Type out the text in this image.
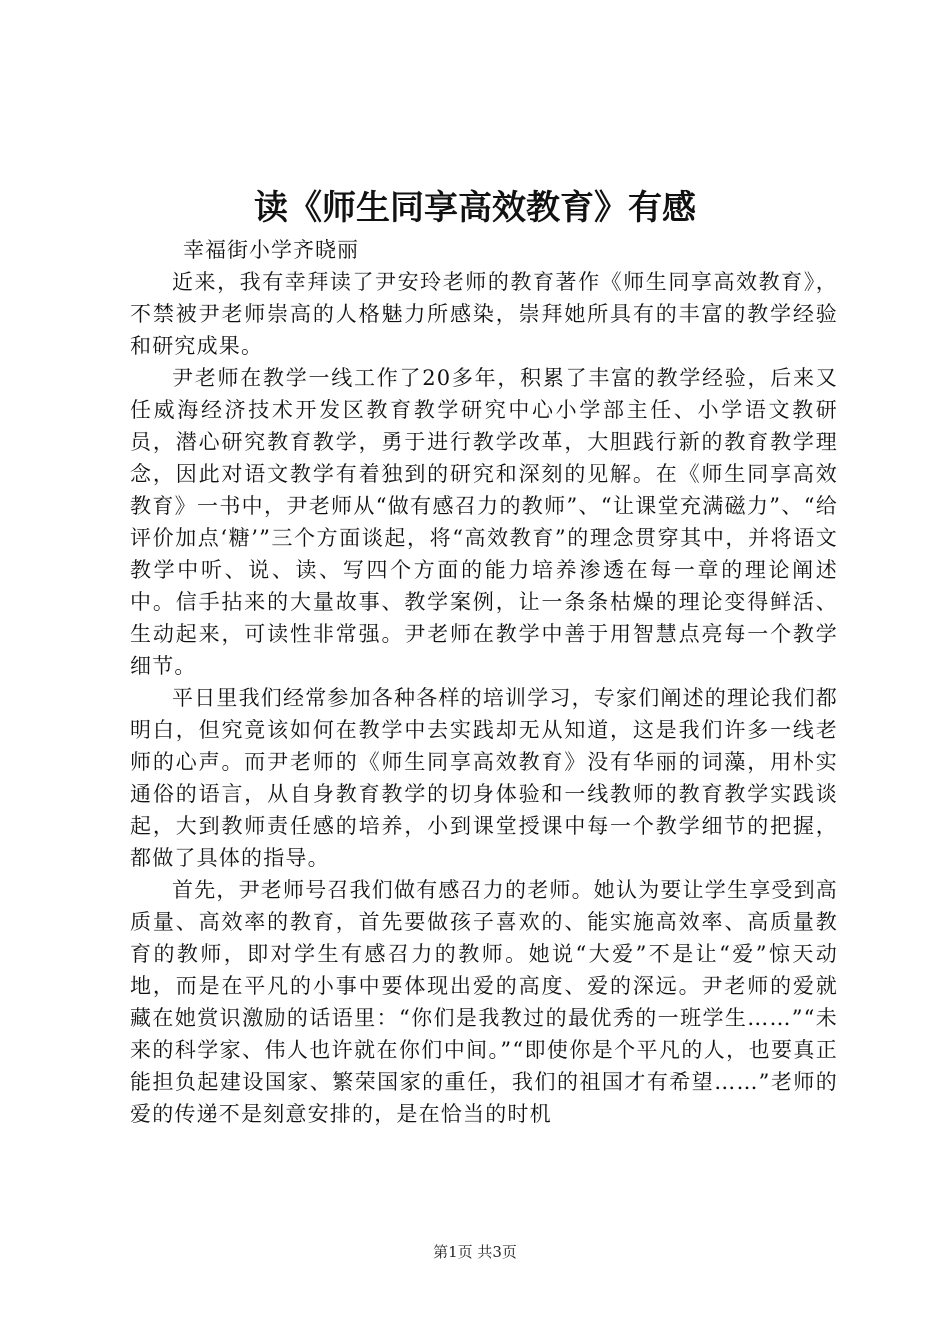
读《师生同享高效教育》有感
幸福街小学齐晓丽

近来，我有幸拜读了尹安玲老师的教育著作《师生同享高效教育》，不禁被尹老师崇高的人格魅力所感染，崇拜她所具有的丰富的教学经验和研究成果。

尹老师在教学一线工作了20多年，积累了丰富的教学经验，后来又任威海经济技术开发区教育教学研究中心小学部主任、小学语文教研员，潜心研究教育教学，勇于进行教学改革，大胆践行新的教育教学理念，因此对语文教学有着独到的研究和深刻的见解。在《师生同享高效教育》一书中，尹老师从“做有感召力的教师”、“让课堂充满磁力”、“给评价加点‘糖’”三个方面谈起，将“高效教育”的理念贯穿其中，并将语文教学中听、说、读、写四个方面的能力培养渗透在每一章的理论阐述中。信手拈来的大量故事、教学案例，让一条条枯燥的理论变得鲜活、生动起来，可读性非常强。尹老师在教学中善于用智慧点亮每一个教学细节。

平日里我们经常参加各种各样的培训学习，专家们阐述的理论我们都明白，但究竟该如何在教学中去实践却无从知道，这是我们许多一线老师的心声。而尹老师的《师生同享高效教育》没有华丽的词藻，用朴实通俗的语言，从自身教育教学的切身体验和一线教师的教育教学实践谈起，大到教师责任感的培养，小到课堂授课中每一个教学细节的把握，都做了具体的指导。

首先，尹老师号召我们做有感召力的老师。她认为要让学生享受到高质量、高效率的教育，首先要做孩子喜欢的、能实施高效率、高质量教育的教师，即对学生有感召力的教师。她说“大爱”不是让“爱”惊天动地，而是在平凡的小事中要体现出爱的高度、爱的深远。尹老师的爱就藏在她赏识激励的话语里：“你们是我教过的最优秀的一班学生……”“未来的科学家、伟人也许就在你们中间。”“即使你是个平凡的人，也要真正能担负起建设国家、繁荣国家的重任，我们的祖国才有希望……”老师的爱的传递不是刻意安排的，是在恰当的时机

第1页 共3页
